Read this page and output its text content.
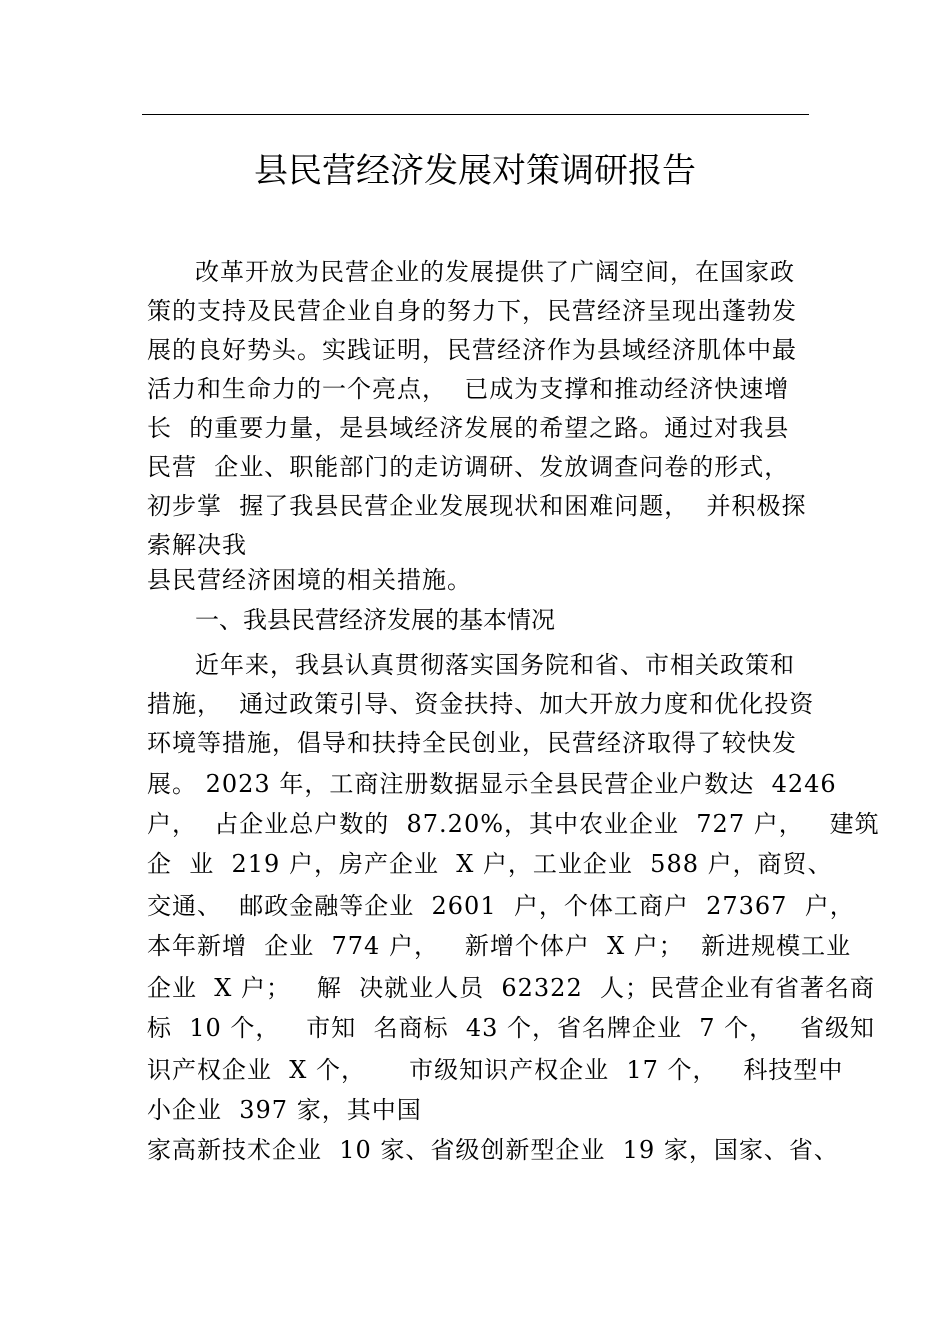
县民营经济发展对策调研报告
改革开放为民营企业的发展提供了广阔空间，在国家政
策的支持及民营企业自身的努力下，民营经济呈现出蓬勃发
展的良好势头。实践证明，民营经济作为县域经济肌体中最
活力和生命力的一个亮点，  已成为支撑和推动经济快速增
长  的重要力量，是县域经济发展的希望之路。通过对我县
民营  企业、职能部门的走访调研、发放调查问卷的形式，
初步掌  握了我县民营企业发展现状和困难问题，  并积极探
索解决我
县民营经济困境的相关措施。
一、我县民营经济发展的基本情况
近年来，我县认真贯彻落实国务院和省、市相关政策和
措施，  通过政策引导、资金扶持、加大开放力度和优化投资
环境等措施，倡导和扶持全民创业，民营经济取得了较快发
展。 2023 年，工商注册数据显示全县民营企业户数达  4246
户，  占企业总户数的  87.20%，其中农业企业  727 户，   建筑
企  业  219 户，房产企业  X 户，工业企业  588 户，商贸、
交通、  邮政金融等企业  2601  户，个体工商户  27367  户，
本年新增  企业  774 户，   新增个体户  X 户；  新进规模工业
企业  X 户；   解  决就业人员  62322  人；民营企业有省著名商
标  10 个，   市知  名商标  43 个，省名牌企业  7 个，   省级知
识产权企业  X 个，     市级知识产权企业  17 个，   科技型中
小企业  397 家，其中国
家高新技术企业  10 家、省级创新型企业  19 家，国家、省、
